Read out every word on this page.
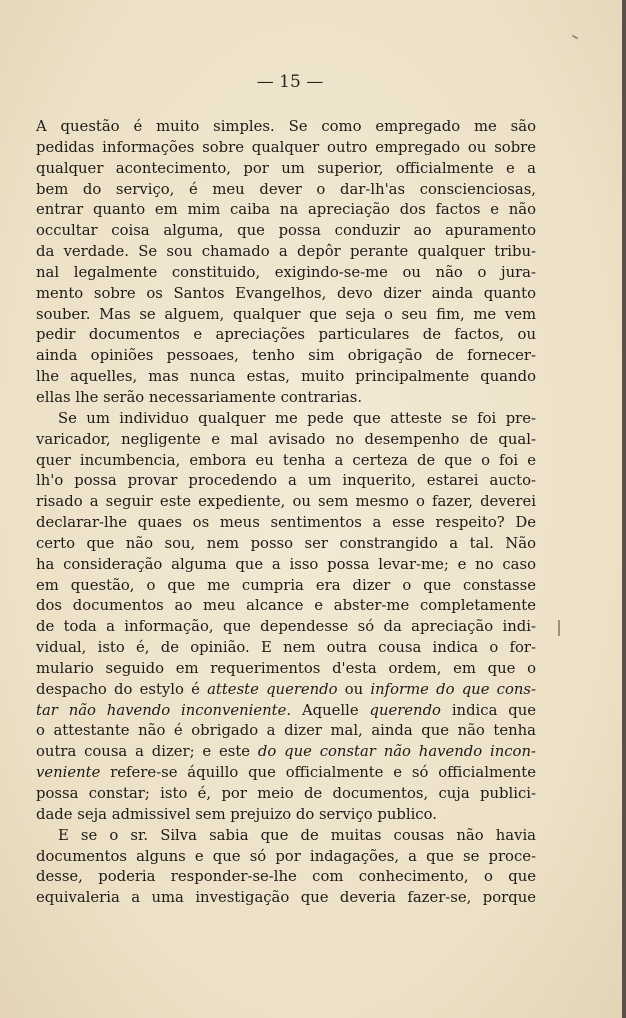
— 15 —
A questão é muito simples. Se como empregado me são
pedidas informações sobre qualquer outro empregado ou sobre
qualquer acontecimento, por um superior, officialmente e a
bem do serviço, é meu dever o dar-lh'as conscienciosas,
entrar quanto em mim caiba na apreciação dos factos e não
occultar coisa alguma, que possa conduzir ao apuramento
da verdade. Se sou chamado a depôr perante qualquer tribu-
nal legalmente constituido, exigindo-se-me ou não o jura-
mento sobre os Santos Evangelhos, devo dizer ainda quanto
souber. Mas se alguem, qualquer que seja o seu fim, me vem
pedir documentos e apreciações particulares de factos, ou
ainda opiniões pessoaes, tenho sim obrigação de fornecer-
lhe aquelles, mas nunca estas, muito principalmente quando
ellas lhe serão necessariamente contrarias.
Se um individuo qualquer me pede que atteste se foi pre-
varicador, negligente e mal avisado no desempenho de qual-
quer incumbencia, embora eu tenha a certeza de que o foi e
lh'o possa provar procedendo a um inquerito, estarei aucto-
risado a seguir este expediente, ou sem mesmo o fazer, deverei
declarar-lhe quaes os meus sentimentos a esse respeito? De
certo que não sou, nem posso ser constrangido a tal. Não
ha consideração alguma que a isso possa levar-me; e no caso
em questão, o que me cumpria era dizer o que constasse
dos documentos ao meu alcance e abster-me completamente
de toda a informação, que dependesse só da apreciação indi-
vidual, isto é, de opinião. E nem outra cousa indica o for-
mulario seguido em requerimentos d'esta ordem, em que o
despacho do estylo é atteste querendo ou informe do que cons-
tar não havendo inconveniente. Aquelle querendo indica que
o attestante não é obrigado a dizer mal, ainda que não tenha
outra cousa a dizer; e este do que constar não havendo incon-
veniente refere-se áquillo que officialmente e só officialmente
possa constar; isto é, por meio de documentos, cuja publici-
dade seja admissivel sem prejuizo do serviço publico.
E se o sr. Silva sabia que de muitas cousas não havia
documentos alguns e que só por indagações, a que se proce-
desse, poderia responder-se-lhe com conhecimento, o que
equivaleria a uma investigação que deveria fazer-se, porque
